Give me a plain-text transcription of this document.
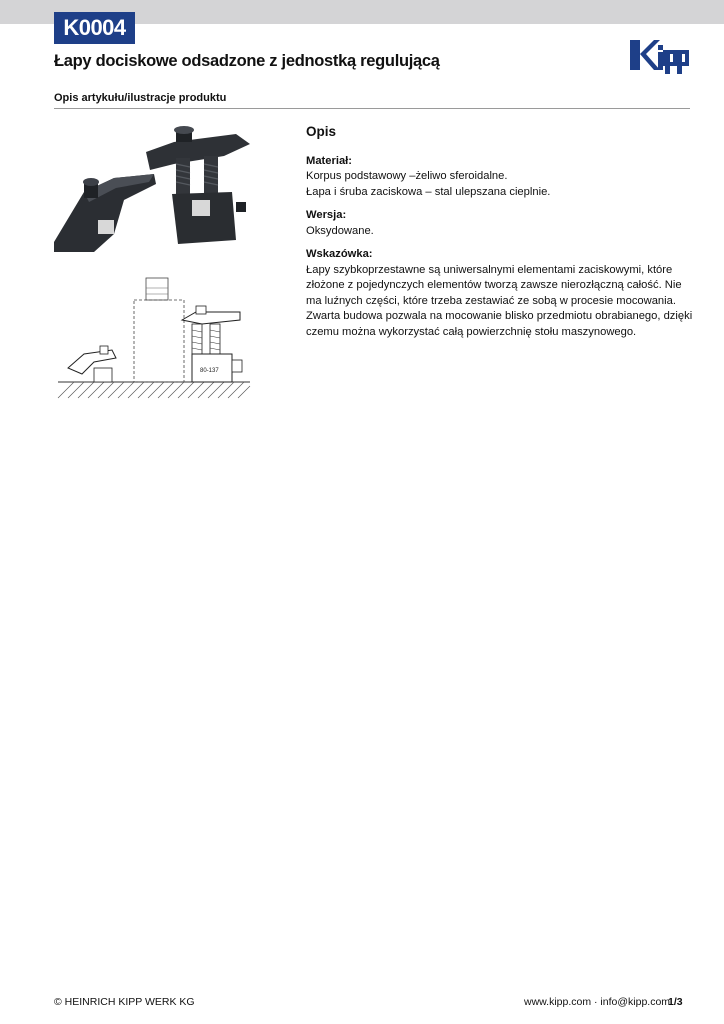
K0004
Łapy dociskowe odsadzone z jednostką regulującą
Opis artykułu/ilustracje produktu
80-137
Opis

Materiał:

Korpus podstawowy –żeliwo sferoidalne.

Łapa i śruba zaciskowa – stal ulepszana cieplnie.

Wersja:

Oksydowane.

Wskazówka:

Łapy szybkoprzestawne są uniwersalnymi elementami zaciskowymi, które złożone z pojedynczych elementów tworzą zawsze nierozłączną całość. Nie ma luźnych części, które trzeba zestawiać ze sobą w procesie mocowania. Zwarta budowa pozwala na mocowanie blisko przedmiotu obrabianego, dzięki czemu można wykorzystać całą powierzchnię stołu maszynowego.

© HEINRICH KIPP WERK KG	www.kipp.com · info@kipp.com
1/3
